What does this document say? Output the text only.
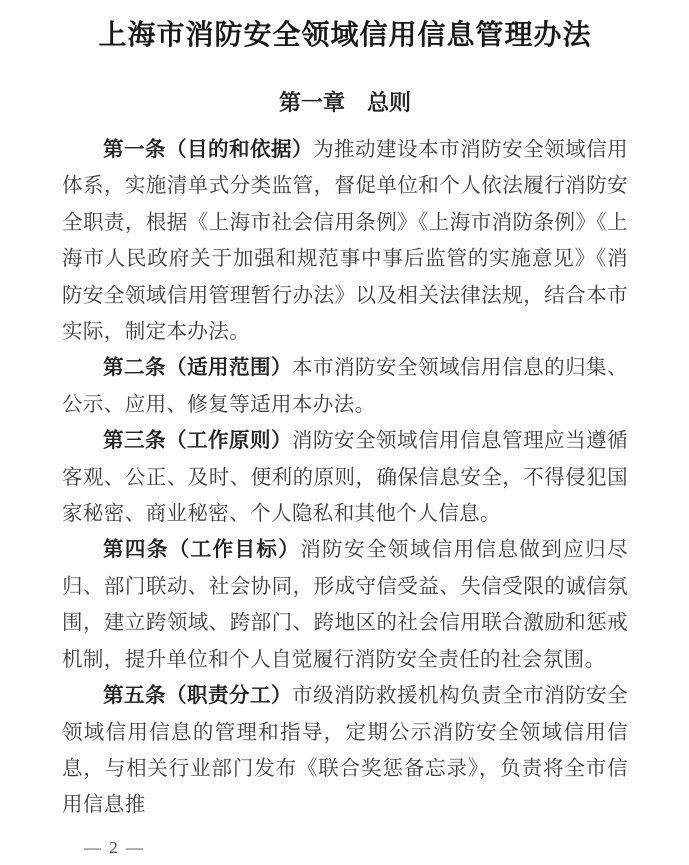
上海市消防安全领域信用信息管理办法
第一章　总则

第一条（目的和依据）为推动建设本市消防安全领域信用体系，实施清单式分类监管，督促单位和个人依法履行消防安全职责，根据《上海市社会信用条例》《上海市消防条例》《上海市人民政府关于加强和规范事中事后监管的实施意见》《消防安全领域信用管理暂行办法》以及相关法律法规，结合本市实际，制定本办法。

第二条（适用范围）本市消防安全领域信用信息的归集、公示、应用、修复等适用本办法。

第三条（工作原则）消防安全领域信用信息管理应当遵循客观、公正、及时、便利的原则，确保信息安全，不得侵犯国家秘密、商业秘密、个人隐私和其他个人信息。

第四条（工作目标）消防安全领域信用信息做到应归尽归、部门联动、社会协同，形成守信受益、失信受限的诚信氛围，建立跨领域、跨部门、跨地区的社会信用联合激励和惩戒机制，提升单位和个人自觉履行消防安全责任的社会氛围。

第五条（职责分工）市级消防救援机构负责全市消防安全领域信用信息的管理和指导，定期公示消防安全领域信用信息，与相关行业部门发布《联合奖惩备忘录》，负责将全市信用信息推

— 2 —
